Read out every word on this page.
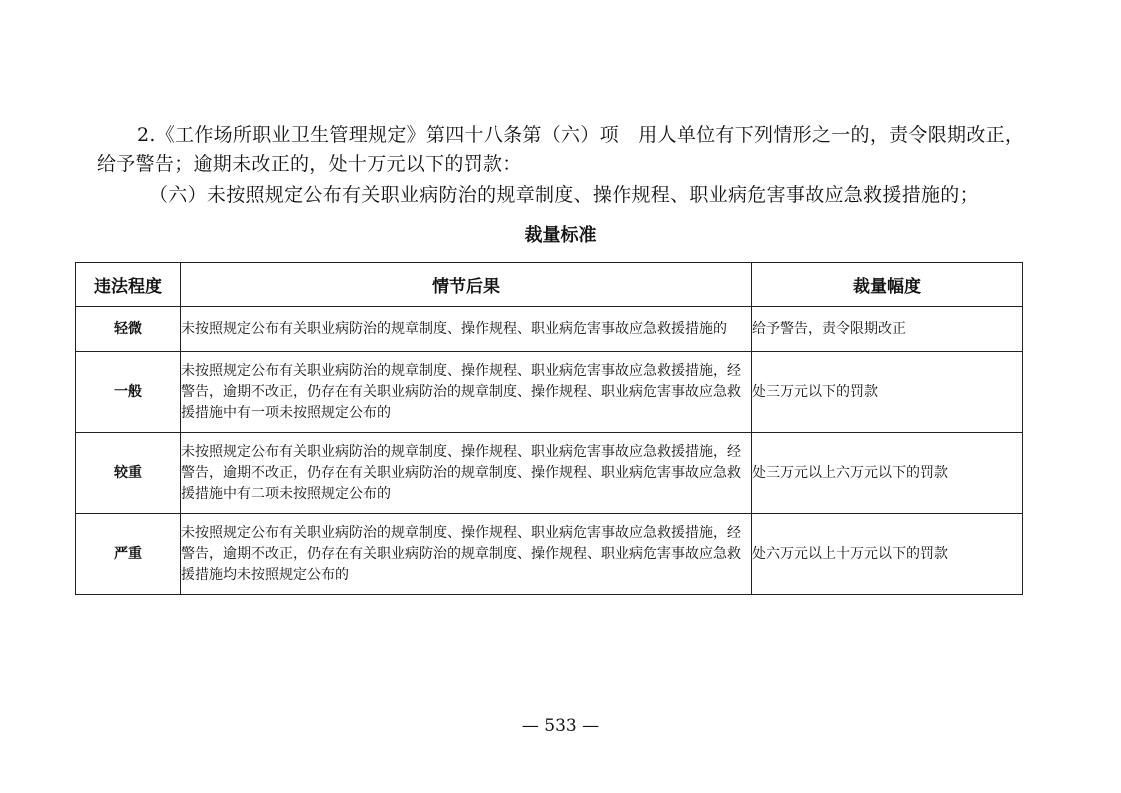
2.《工作场所职业卫生管理规定》第四十八条第（六）项　用人单位有下列情形之一的，责令限期改正，给予警告；逾期未改正的，处十万元以下的罚款：

（六）未按照规定公布有关职业病防治的规章制度、操作规程、职业病危害事故应急救援措施的；

裁量标准
违法程度	情节后果	裁量幅度
轻微	未按照规定公布有关职业病防治的规章制度、操作规程、职业病危害事故应急救援措施的	给予警告，责令限期改正
一般	未按照规定公布有关职业病防治的规章制度、操作规程、职业病危害事故应急救援措施，经警告，逾期不改正，仍存在有关职业病防治的规章制度、操作规程、职业病危害事故应急救援措施中有一项未按照规定公布的	处三万元以下的罚款
较重	未按照规定公布有关职业病防治的规章制度、操作规程、职业病危害事故应急救援措施，经警告，逾期不改正，仍存在有关职业病防治的规章制度、操作规程、职业病危害事故应急救援措施中有二项未按照规定公布的	处三万元以上六万元以下的罚款
严重	未按照规定公布有关职业病防治的规章制度、操作规程、职业病危害事故应急救援措施，经警告，逾期不改正，仍存在有关职业病防治的规章制度、操作规程、职业病危害事故应急救援措施均未按照规定公布的	处六万元以上十万元以下的罚款
— 533 —
